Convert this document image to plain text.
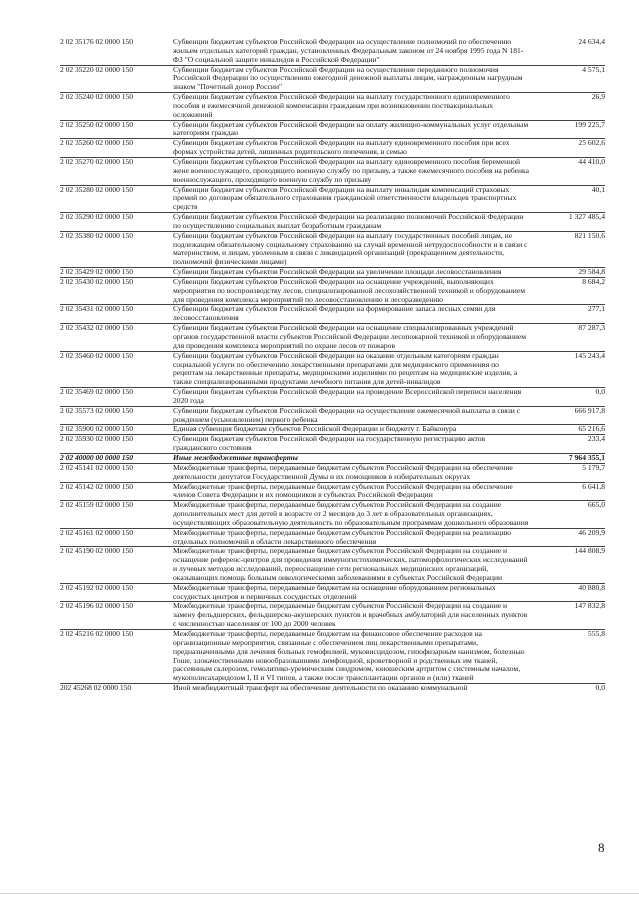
2 02 35176 02 0000 150	Субвенции бюджетам субъектов Российской Федерации на осуществление полномочий по обеспечению жильем отдельных категорий граждан, установленных Федеральным законом от 24 ноября 1995 года N 181-ФЗ "О социальной защите инвалидов в Российской Федерации"	24 634,4
2 02 35220 02 0000 150	Субвенции бюджетам субъектов Российской Федерации на осуществление переданного полномочия Российской Федерации по осуществлению ежегодной денежной выплаты лицам, награжденным нагрудным знаком "Почетный донор России"	4 575,1
2 02 35240 02 0000 150	Субвенции бюджетам субъектов Российской Федерации на выплату государственного единовременного пособия и ежемесячной денежной компенсации гражданам при возникновении поствакцинальных осложнений	26,9
2 02 35250 02 0000 150	Субвенции бюджетам субъектов Российской Федерации на оплату жилищно-коммунальных услуг отдельным категориям граждан	199 225,7
2 02 35260 02 0000 150	Субвенции бюджетам субъектов Российской Федерации на выплату единовременного пособия при всех формах устройства детей, лишенных родительского попечения, в семью	25 602,6
2 02 35270 02 0000 150	Субвенции бюджетам субъектов Российской Федерации на выплату единовременного пособия беременной жене военнослужащего, проходящего военную службу по призыву, а также ежемесячного пособия на ребенка военнослужащего, проходящего военную службу по призыву	44 410,0
2 02 35280 02 0000 150	Субвенции бюджетам субъектов Российской Федерации на выплату инвалидам компенсаций страховых премий по договорам обязательного страхования гражданской ответственности владельцев транспортных средств	40,1
2 02 35290 02 0000 150	Субвенции бюджетам субъектов Российской Федерации на реализацию полномочий Российской Федерации по осуществлению социальных выплат безработным гражданам	1 327 485,4
2 02 35380 02 0000 150	Субвенции бюджетам субъектов Российской Федерации на выплату государственных пособий лицам, не подлежащим обязательному социальному страхованию на случай временной нетрудоспособности и в связи с материнством, и лицам, уволенным в связи с ликвидацией организаций (прекращением деятельности, полномочий физическими лицами)	821 150,6
2 02 35429 02 0000 150	Субвенции бюджетам субъектов Российской Федерации на увеличение площади лесовосстановления	29 584,8
2 02 35430 02 0000 150	Субвенции бюджетам субъектов Российской Федерации на оснащение учреждений, выполняющих мероприятия по воспроизводству лесов, специализированной лесохозяйственной техникой и оборудованием для проведения комплекса мероприятий по лесовосстановлению и лесоразведению	8 684,2
2 02 35431 02 0000 150	Субвенции бюджетам субъектов Российской Федерации на формирование запаса лесных семян для лесовосстановления	277,1
2 02 35432 02 0000 150	Субвенции бюджетам субъектов Российской Федерации на оснащение специализированных учреждений органов государственной власти субъектов Российской Федерации лесопожарной техникой и оборудованием для проведения комплекса мероприятий по охране лесов от пожаров	87 287,3
2 02 35460 02 0000 150	Субвенции бюджетам субъектов Российской Федерации на оказание отдельным категориям граждан социальной услуги по обеспечению лекарственными препаратами для медицинского применения по рецептам на лекарственные препараты, медицинскими изделиями по рецептам на медицинские изделия, а также специализированными продуктами лечебного питания для детей-инвалидов	145 243,4
2 02 35469 02 0000 150	Субвенции бюджетам субъектов Российской Федерации на проведение Всероссийской переписи населения 2020 года	0,0
2 02 35573 02 0000 150	Субвенции бюджетам субъектов Российской Федерации на осуществление ежемесячной выплаты в связи с рождением (усыновлением) первого ребенка	666 917,8
2 02 35900 02 0000 150	Единая субвенция бюджетам субъектов Российской Федерации и бюджету г. Байконура	65 216,6
2 02 35930 02 0000 150	Субвенции бюджетам субъектов Российской Федерации на государственную регистрацию актов гражданского состояния	233,4
2 02 40000 00 0000 150	Иные межбюджетные трансферты	7 964 355,1
2 02 45141 02 0000 150	Межбюджетные трансферты, передаваемые бюджетам субъектов Российской Федерации на обеспечение деятельности депутатов Государственной Думы и их помощников в избирательных округах	5 179,7
2 02 45142 02 0000 150	Межбюджетные трансферты, передаваемые бюджетам субъектов Российской Федерации на обеспечение членов Совета Федерации и их помощников в субъектах Российской Федерации	6 641,8
2 02 45159 02 0000 150	Межбюджетные трансферты, передаваемые бюджетам субъектов Российской Федерации на создание дополнительных мест для детей в возрасте от 2 месяцев до 3 лет в образовательных организациях, осуществляющих образовательную деятельность по образовательным программам дошкольного образования	665,0
2 02 45161 02 0000 150	Межбюджетные трансферты, передаваемые бюджетам субъектов Российской Федерации на реализацию отдельных полномочий в области лекарственного обеспечения	46 209,9
2 02 45190 02 0000 150	Межбюджетные трансферты, передаваемые бюджетам субъектов Российской Федерации на создание и оснащение референс-центров для проведения иммуногистохимических, патоморфологических исследований и лучевых методов исследований, переоснащение сети региональных медицинских организаций, оказывающих помощь больным онкологическими заболеваниями в субъектах Российской Федерации	144 808,9
2 02 45192 02 0000 150	Межбюджетные трансферты, передаваемые бюджетам на оснащение оборудованием региональных сосудистых центров и первичных сосудистых отделений	40 880,8
2 02 45196 02 0000 150	Межбюджетные трансферты, передаваемые бюджетам субъектов Российской Федерации на создание и замену фельдшерских, фельдшерско-акушерских пунктов и врачебных амбулаторий для населенных пунктов с численностью населения от 100 до 2000 человек	147 832,8
2 02 45216 02 0000 150	Межбюджетные трансферты, передаваемые бюджетам на финансовое обеспечение расходов на организационные мероприятия, связанные с обеспечением лиц лекарственными препаратами, предназначенными для лечения больных гемофилией, муковисцидозом, гипофизарным нанизмом, болезнью Гоше, злокачественными новообразованиями лимфоидной, кроветворной и родственных им тканей, рассеянным склерозом, гемолитико-уремическим синдромом, юношеским артритом с системным началом, мукополисахаридозом I, II и VI типов, а также после трансплантации органов и (или) тканей	555,8
202 45268 02 0000 150	Иной межбюджетный трансферт на обеспечение деятельности по оказанию коммунальной	0,0
8
